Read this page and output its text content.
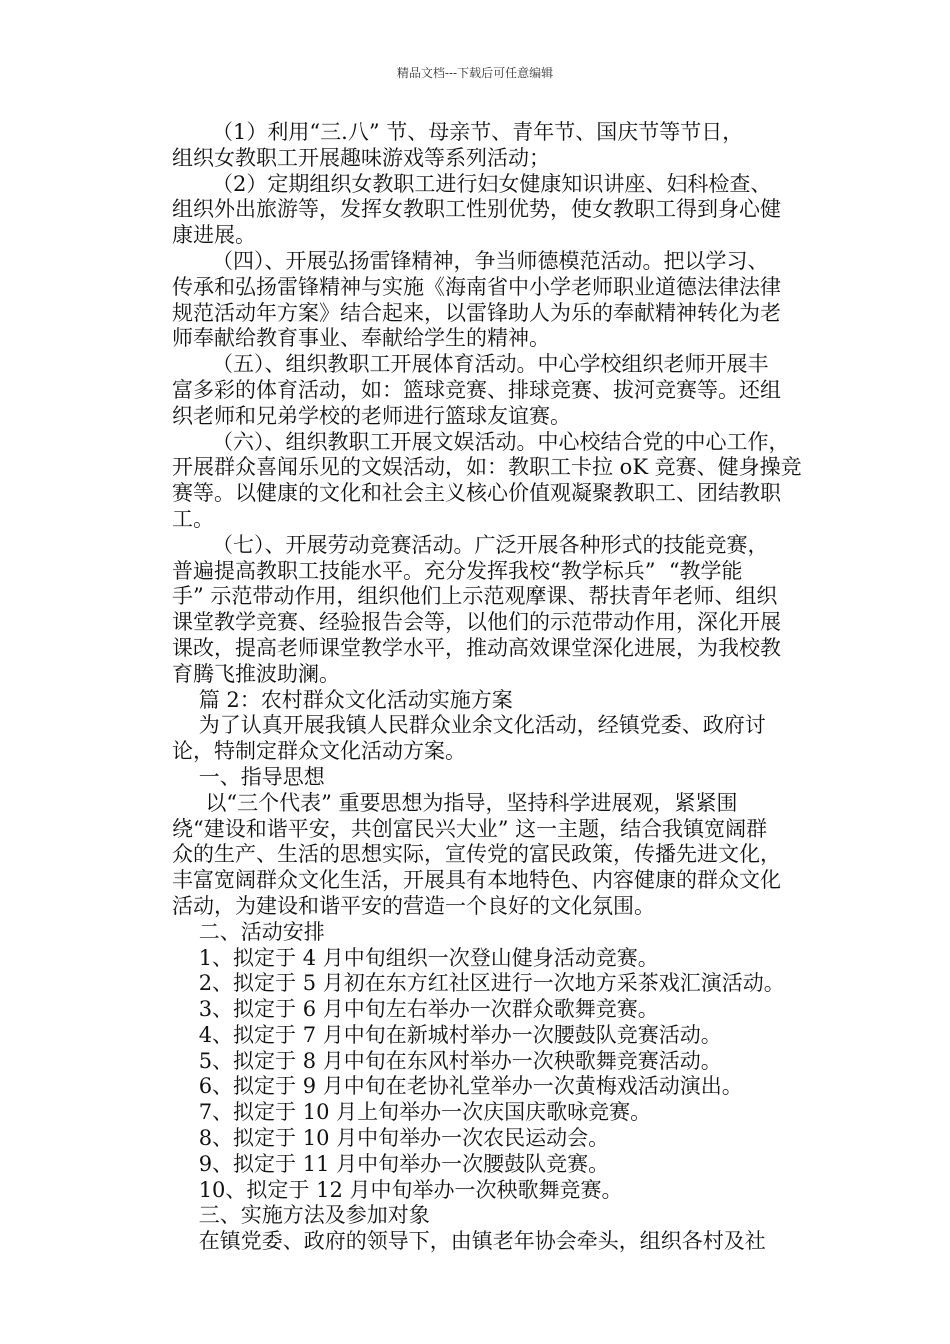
精品文档---下载后可任意编辑
（1）利用“三.八” 节、母亲节、青年节、国庆节等节日，
组织女教职工开展趣味游戏等系列活动；
（2）定期组织女教职工进行妇女健康知识讲座、妇科检查、
组织外出旅游等，发挥女教职工性别优势，使女教职工得到身心健
康进展。
（四）、开展弘扬雷锋精神，争当师德模范活动。把以学习、
传承和弘扬雷锋精神与实施《海南省中小学老师职业道德法律法律
规范活动年方案》结合起来，以雷锋助人为乐的奉献精神转化为老
师奉献给教育事业、奉献给学生的精神。
（五）、组织教职工开展体育活动。中心学校组织老师开展丰
富多彩的体育活动，如：篮球竞赛、排球竞赛、拔河竞赛等。还组
织老师和兄弟学校的老师进行篮球友谊赛。
（六）、组织教职工开展文娱活动。中心校结合党的中心工作，
开展群众喜闻乐见的文娱活动，如：教职工卡拉 oK 竞赛、健身操竞
赛等。以健康的文化和社会主义核心价值观凝聚教职工、团结教职
工。
（七）、开展劳动竞赛活动。广泛开展各种形式的技能竞赛，
普遍提高教职工技能水平。充分发挥我校“教学标兵”  “教学能
手” 示范带动作用，组织他们上示范观摩课、帮扶青年老师、组织
课堂教学竞赛、经验报告会等，以他们的示范带动作用，深化开展
课改，提高老师课堂教学水平，推动高效课堂深化进展，为我校教
育腾飞推波助澜。
篇 2：农村群众文化活动实施方案
为了认真开展我镇人民群众业余文化活动，经镇党委、政府讨
论，特制定群众文化活动方案。
一、指导思想
以“三个代表” 重要思想为指导，坚持科学进展观，紧紧围
绕“建设和谐平安，共创富民兴大业” 这一主题，结合我镇宽阔群
众的生产、生活的思想实际，宣传党的富民政策，传播先进文化，
丰富宽阔群众文化生活，开展具有本地特色、内容健康的群众文化
活动，为建设和谐平安的营造一个良好的文化氛围。
二、活动安排
1、拟定于 4 月中旬组织一次登山健身活动竞赛。
2、拟定于 5 月初在东方红社区进行一次地方采茶戏汇演活动。
3、拟定于 6 月中旬左右举办一次群众歌舞竞赛。
4、拟定于 7 月中旬在新城村举办一次腰鼓队竞赛活动。
5、拟定于 8 月中旬在东风村举办一次秧歌舞竞赛活动。
6、拟定于 9 月中旬在老协礼堂举办一次黄梅戏活动演出。
7、拟定于 10 月上旬举办一次庆国庆歌咏竞赛。
8、拟定于 10 月中旬举办一次农民运动会。
9、拟定于 11 月中旬举办一次腰鼓队竞赛。
10、拟定于 12 月中旬举办一次秧歌舞竞赛。
三、实施方法及参加对象
在镇党委、政府的领导下，由镇老年协会牵头，组织各村及社
